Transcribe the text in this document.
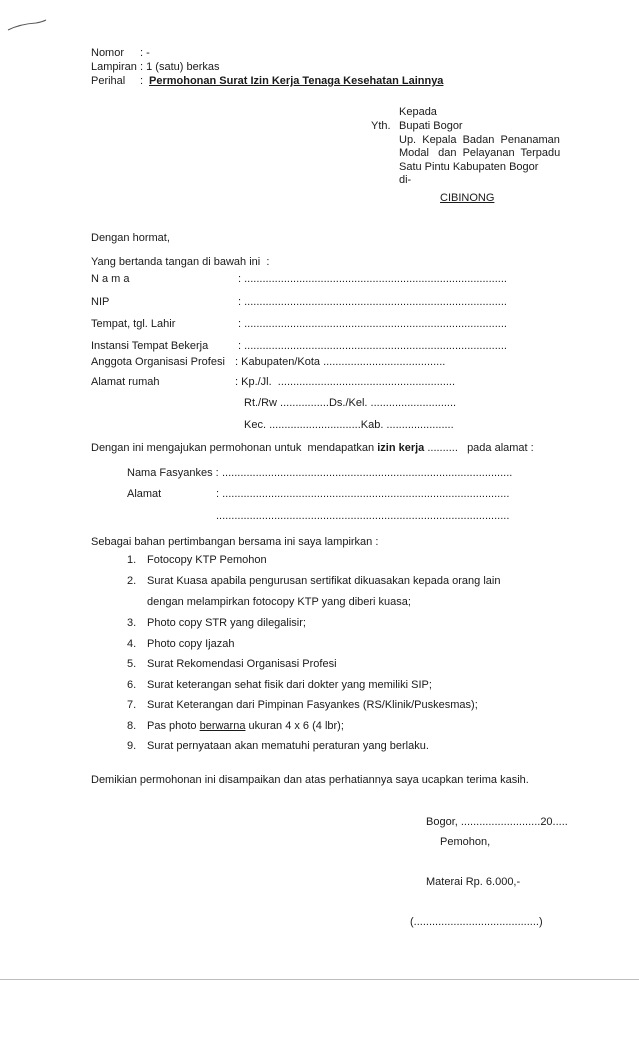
Nomor : -
Lampiran : 1 (satu) berkas
Perihal : Permohonan Surat Izin Kerja Tenaga Kesehatan Lainnya
Kepada
Yth. Bupati Bogor
Up.  Kepala  Badan  Penanaman
Modal   dan  Pelayanan  Terpadu
Satu Pintu Kabupaten Bogor
di-
CIBINONG
Dengan hormat,
Yang bertanda tangan di bawah ini  :
N a m a	: ......................................................................................
NIP	: ......................................................................................
Tempat, tgl. Lahir	: ......................................................................................
Instansi Tempat Bekerja	: ......................................................................................
Anggota Organisasi Profesi : Kabupaten/Kota ........................................
Alamat rumah	: Kp./Jl.  ..........................................................
Rt./Rw ................Ds./Kel. ............................
Kec. ..............................Kab. ......................
Dengan ini mengajukan permohonan untuk  mendapatkan izin kerja ..........   pada alamat :
Nama Fasyankes : ...............................................................................................
Alamat	: ..............................................................................................
................................................................................................
Sebagai bahan pertimbangan bersama ini saya lampirkan :
1. Fotocopy KTP Pemohon
2. Surat Kuasa apabila pengurusan sertifikat dikuasakan kepada orang lain
dengan melampirkan fotocopy KTP yang diberi kuasa;
3. Photo copy STR yang dilegalisir;
4. Photo copy Ijazah
5. Surat Rekomendasi Organisasi Profesi
6. Surat keterangan sehat fisik dari dokter yang memiliki SIP;
7. Surat Keterangan dari Pimpinan Fasyankes (RS/Klinik/Puskesmas);
8. Pas photo berwarna ukuran 4 x 6 (4 lbr);
9. Surat pernyataan akan mematuhi peraturan yang berlaku.
Demikian permohonan ini disampaikan dan atas perhatiannya saya ucapkan terima kasih.
Bogor, ..........................20.....
Pemohon,
Materai Rp. 6.000,-
(.........................................)
